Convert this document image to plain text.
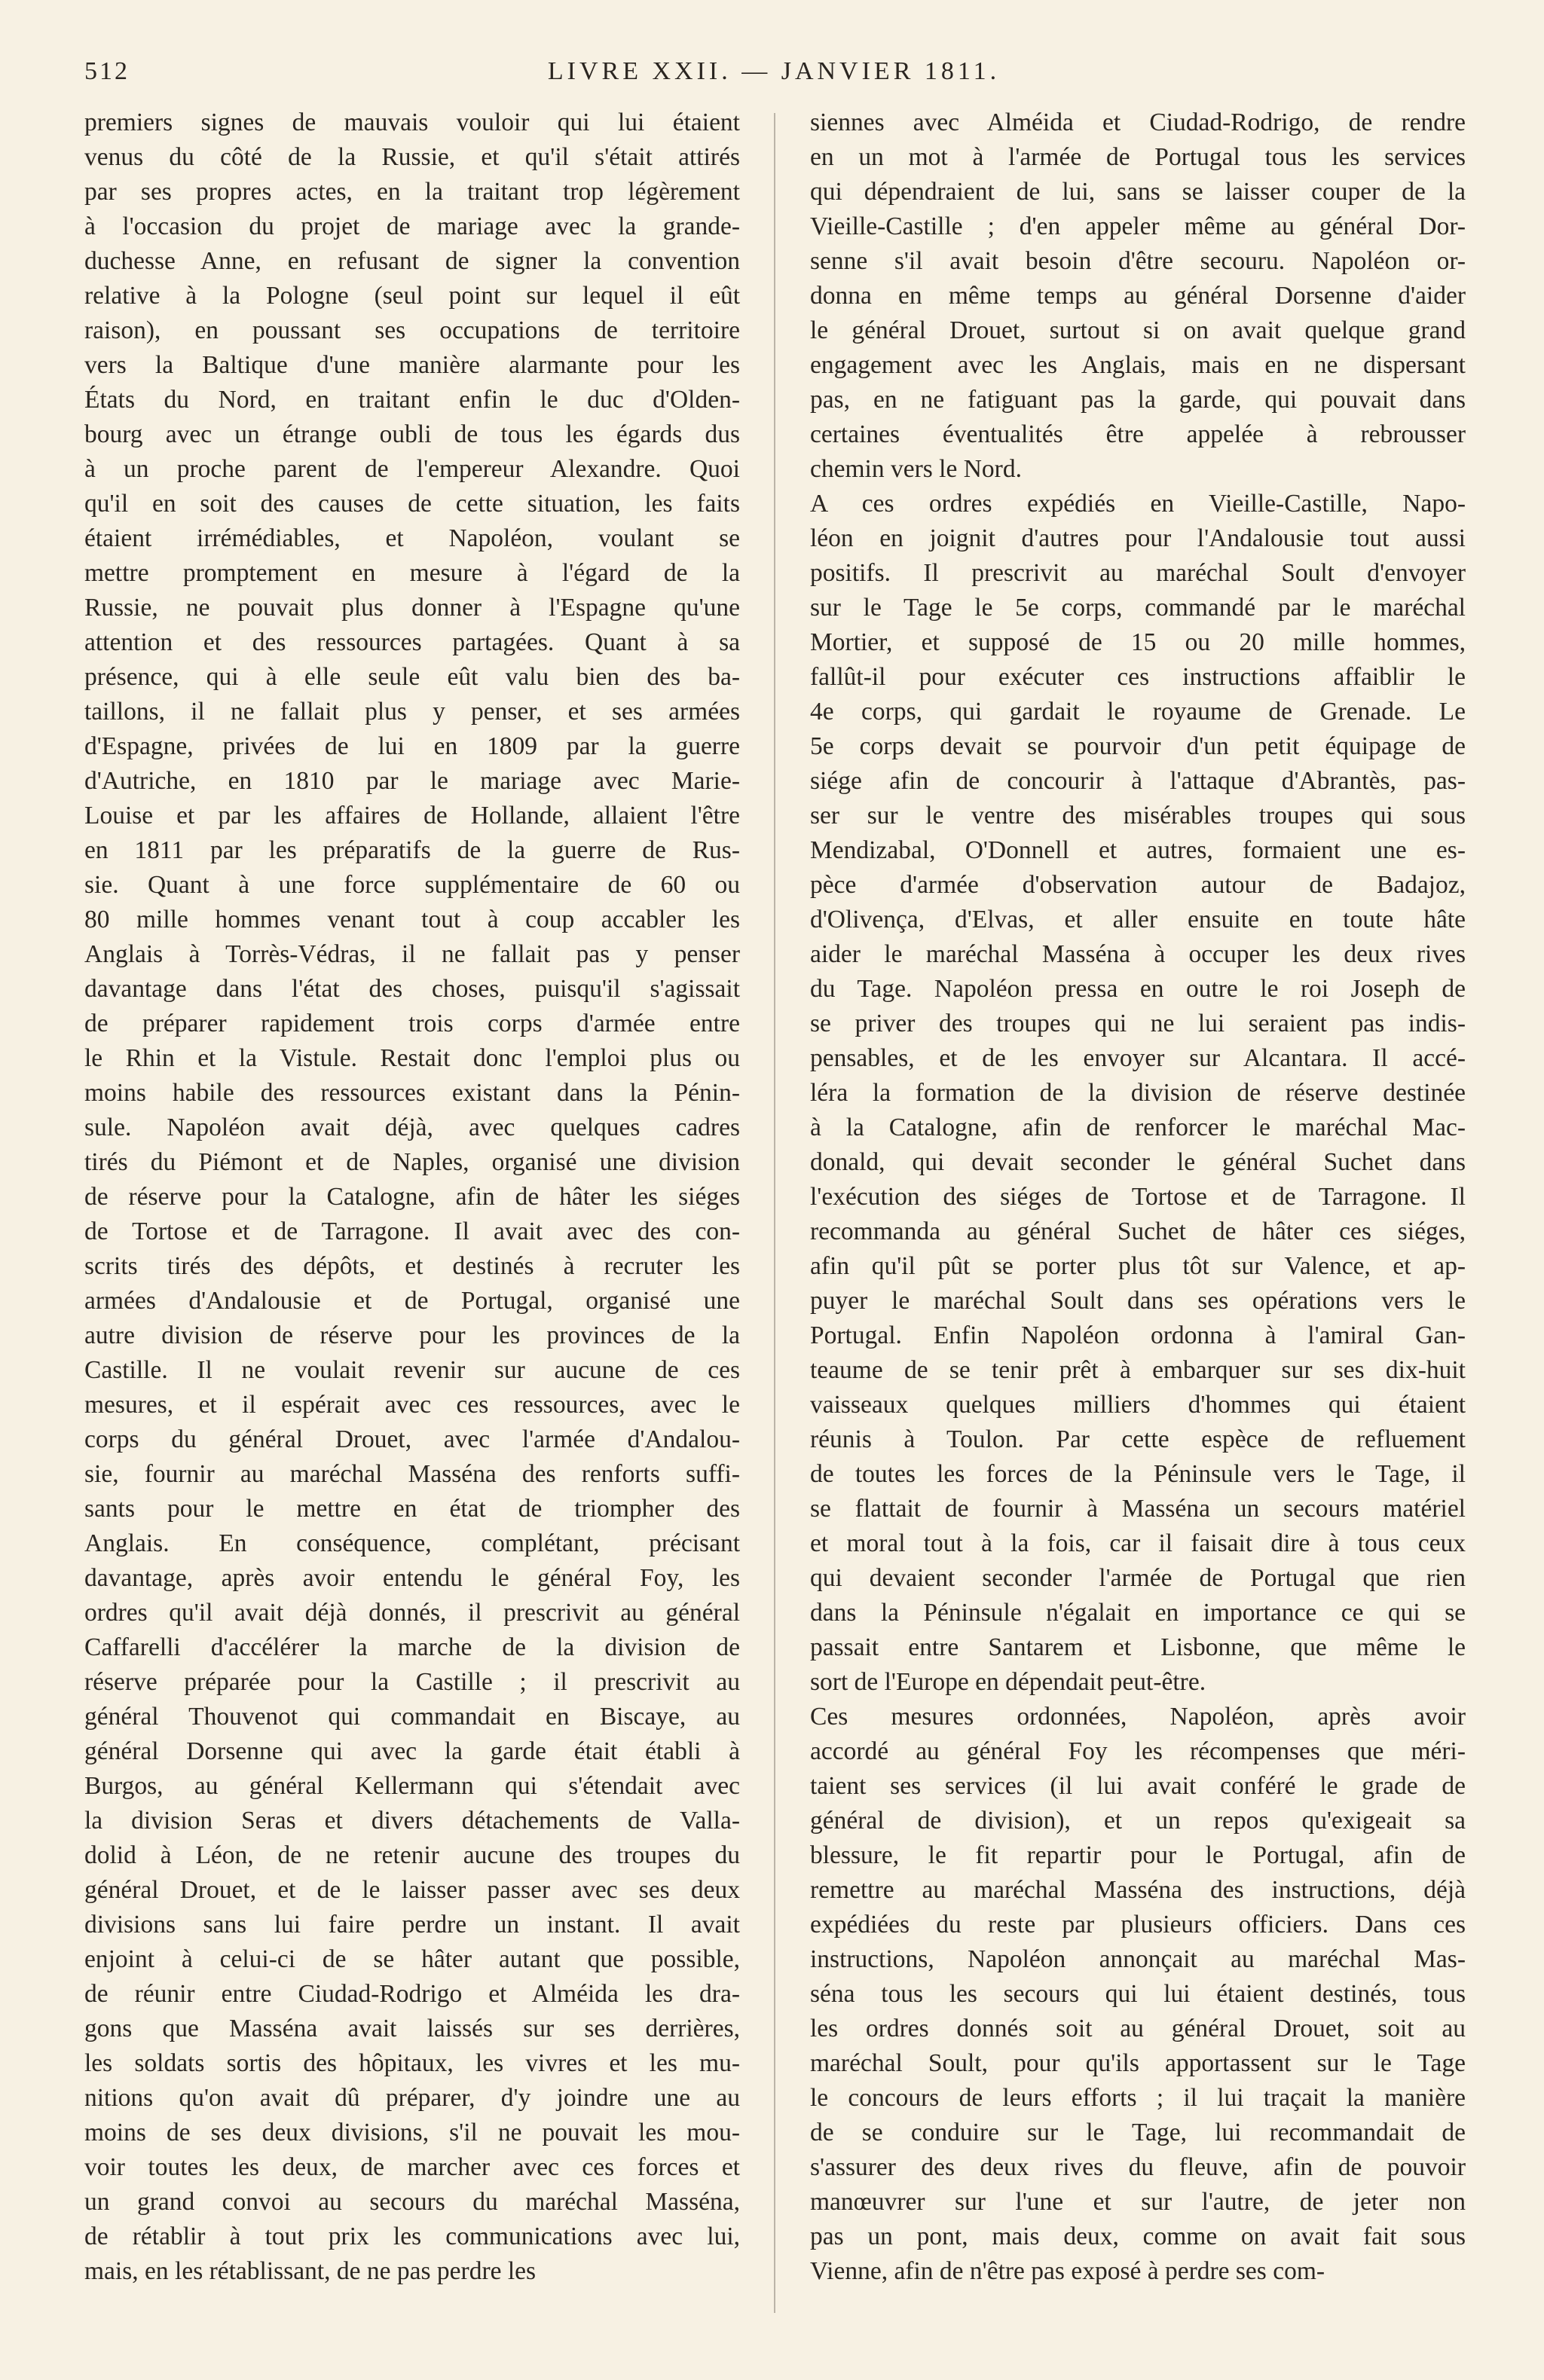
512	LIVRE XXII. — JANVIER 1811.
premiers signes de mauvais vouloir qui lui étaient
venus du côté de la Russie, et qu'il s'était attirés
par ses propres actes, en la traitant trop légèrement
à l'occasion du projet de mariage avec la grande-
duchesse Anne, en refusant de signer la convention
relative à la Pologne (seul point sur lequel il eût
raison), en poussant ses occupations de territoire
vers la Baltique d'une manière alarmante pour les
États du Nord, en traitant enfin le duc d'Olden-
bourg avec un étrange oubli de tous les égards dus
à un proche parent de l'empereur Alexandre. Quoi
qu'il en soit des causes de cette situation, les faits
étaient irrémédiables, et Napoléon, voulant se
mettre promptement en mesure à l'égard de la
Russie, ne pouvait plus donner à l'Espagne qu'une
attention et des ressources partagées. Quant à sa
présence, qui à elle seule eût valu bien des ba-
taillons, il ne fallait plus y penser, et ses armées
d'Espagne, privées de lui en 1809 par la guerre
d'Autriche, en 1810 par le mariage avec Marie-
Louise et par les affaires de Hollande, allaient l'être
en 1811 par les préparatifs de la guerre de Rus-
sie. Quant à une force supplémentaire de 60 ou
80 mille hommes venant tout à coup accabler les
Anglais à Torrès-Védras, il ne fallait pas y penser
davantage dans l'état des choses, puisqu'il s'agissait
de préparer rapidement trois corps d'armée entre
le Rhin et la Vistule. Restait donc l'emploi plus ou
moins habile des ressources existant dans la Pénin-
sule. Napoléon avait déjà, avec quelques cadres
tirés du Piémont et de Naples, organisé une division
de réserve pour la Catalogne, afin de hâter les siéges
de Tortose et de Tarragone. Il avait avec des con-
scrits tirés des dépôts, et destinés à recruter les
armées d'Andalousie et de Portugal, organisé une
autre division de réserve pour les provinces de la
Castille. Il ne voulait revenir sur aucune de ces
mesures, et il espérait avec ces ressources, avec le
corps du général Drouet, avec l'armée d'Andalou-
sie, fournir au maréchal Masséna des renforts suffi-
sants pour le mettre en état de triompher des
Anglais. En conséquence, complétant, précisant
davantage, après avoir entendu le général Foy, les
ordres qu'il avait déjà donnés, il prescrivit au général
Caffarelli d'accélérer la marche de la division de
réserve préparée pour la Castille ; il prescrivit au
général Thouvenot qui commandait en Biscaye, au
général Dorsenne qui avec la garde était établi à
Burgos, au général Kellermann qui s'étendait avec
la division Seras et divers détachements de Valla-
dolid à Léon, de ne retenir aucune des troupes du
général Drouet, et de le laisser passer avec ses deux
divisions sans lui faire perdre un instant. Il avait
enjoint à celui-ci de se hâter autant que possible,
de réunir entre Ciudad-Rodrigo et Alméida les dra-
gons que Masséna avait laissés sur ses derrières,
les soldats sortis des hôpitaux, les vivres et les mu-
nitions qu'on avait dû préparer, d'y joindre une au
moins de ses deux divisions, s'il ne pouvait les mou-
voir toutes les deux, de marcher avec ces forces et
un grand convoi au secours du maréchal Masséna,
de rétablir à tout prix les communications avec lui,
mais, en les rétablissant, de ne pas perdre les
siennes avec Alméida et Ciudad-Rodrigo, de rendre
en un mot à l'armée de Portugal tous les services
qui dépendraient de lui, sans se laisser couper de la
Vieille-Castille ; d'en appeler même au général Dor-
senne s'il avait besoin d'être secouru. Napoléon or-
donna en même temps au général Dorsenne d'aider
le général Drouet, surtout si on avait quelque grand
engagement avec les Anglais, mais en ne dispersant
pas, en ne fatiguant pas la garde, qui pouvait dans
certaines éventualités être appelée à rebrousser
chemin vers le Nord.
A ces ordres expédiés en Vieille-Castille, Napo-
léon en joignit d'autres pour l'Andalousie tout aussi
positifs. Il prescrivit au maréchal Soult d'envoyer
sur le Tage le 5e corps, commandé par le maréchal
Mortier, et supposé de 15 ou 20 mille hommes,
fallût-il pour exécuter ces instructions affaiblir le
4e corps, qui gardait le royaume de Grenade. Le
5e corps devait se pourvoir d'un petit équipage de
siége afin de concourir à l'attaque d'Abrantès, pas-
ser sur le ventre des misérables troupes qui sous
Mendizabal, O'Donnell et autres, formaient une es-
pèce d'armée d'observation autour de Badajoz,
d'Olivença, d'Elvas, et aller ensuite en toute hâte
aider le maréchal Masséna à occuper les deux rives
du Tage. Napoléon pressa en outre le roi Joseph de
se priver des troupes qui ne lui seraient pas indis-
pensables, et de les envoyer sur Alcantara. Il accé-
léra la formation de la division de réserve destinée
à la Catalogne, afin de renforcer le maréchal Mac-
donald, qui devait seconder le général Suchet dans
l'exécution des siéges de Tortose et de Tarragone. Il
recommanda au général Suchet de hâter ces siéges,
afin qu'il pût se porter plus tôt sur Valence, et ap-
puyer le maréchal Soult dans ses opérations vers le
Portugal. Enfin Napoléon ordonna à l'amiral Gan-
teaume de se tenir prêt à embarquer sur ses dix-huit
vaisseaux quelques milliers d'hommes qui étaient
réunis à Toulon. Par cette espèce de refluement
de toutes les forces de la Péninsule vers le Tage, il
se flattait de fournir à Masséna un secours matériel
et moral tout à la fois, car il faisait dire à tous ceux
qui devaient seconder l'armée de Portugal que rien
dans la Péninsule n'égalait en importance ce qui se
passait entre Santarem et Lisbonne, que même le
sort de l'Europe en dépendait peut-être.
Ces mesures ordonnées, Napoléon, après avoir
accordé au général Foy les récompenses que méri-
taient ses services (il lui avait conféré le grade de
général de division), et un repos qu'exigeait sa
blessure, le fit repartir pour le Portugal, afin de
remettre au maréchal Masséna des instructions, déjà
expédiées du reste par plusieurs officiers. Dans ces
instructions, Napoléon annonçait au maréchal Mas-
séna tous les secours qui lui étaient destinés, tous
les ordres donnés soit au général Drouet, soit au
maréchal Soult, pour qu'ils apportassent sur le Tage
le concours de leurs efforts ; il lui traçait la manière
de se conduire sur le Tage, lui recommandait de
s'assurer des deux rives du fleuve, afin de pouvoir
manœuvrer sur l'une et sur l'autre, de jeter non
pas un pont, mais deux, comme on avait fait sous
Vienne, afin de n'être pas exposé à perdre ses com-
